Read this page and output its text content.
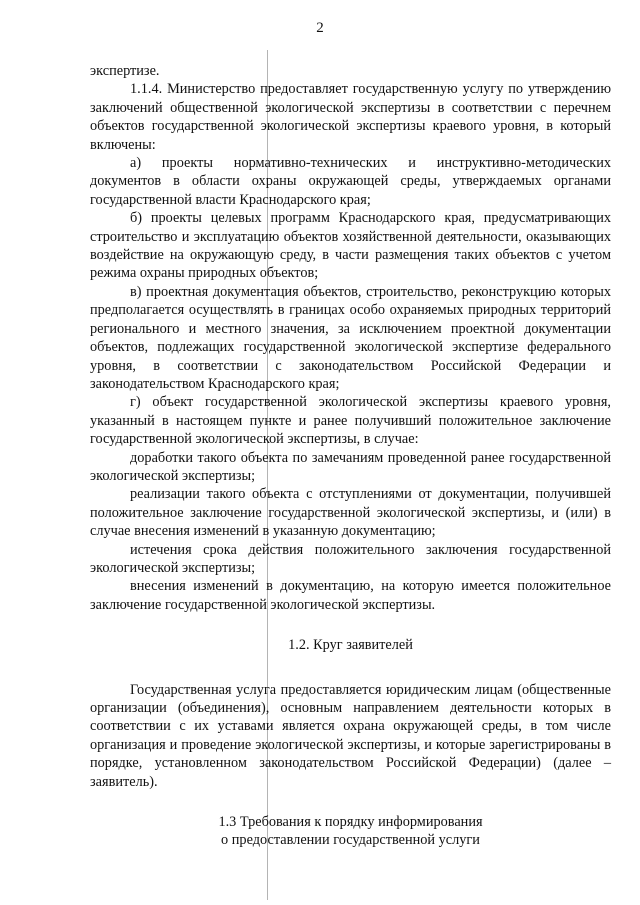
2

экспертизе.

1.1.4. Министерство предоставляет государственную услугу по утверждению заключений общественной экологической экспертизы в соответствии с перечнем объектов государственной экологической экспертизы краевого уровня, в который включены:

а) проекты нормативно-технических и инструктивно-методических документов в области охраны окружающей среды, утверждаемых органами государственной власти Краснодарского края;

б) проекты целевых программ Краснодарского края, предусматривающих строительство и эксплуатацию объектов хозяйственной деятельности, оказывающих воздействие на окружающую среду, в части размещения таких объектов с учетом режима охраны природных объектов;

в) проектная документация объектов, строительство, реконструкцию которых предполагается осуществлять в границах особо охраняемых природных территорий регионального и местного значения, за исключением проектной документации объектов, подлежащих государственной экологической экспертизе федерального уровня, в соответствии с законодательством Российской Федерации и законодательством Краснодарского края;

г) объект государственной экологической экспертизы краевого уровня, указанный в настоящем пункте и ранее получивший положительное заключение государственной экологической экспертизы, в случае:

доработки такого объекта по замечаниям проведенной ранее государственной экологической экспертизы;

реализации такого объекта с отступлениями от документации, получившей положительное заключение государственной экологической экспертизы, и (или) в случае внесения изменений в указанную документацию;

истечения срока действия положительного заключения государственной экологической экспертизы;

внесения изменений в документацию, на которую имеется положительное заключение государственной экологической экспертизы.

1.2. Круг заявителей

Государственная услуга предоставляется юридическим лицам (общественные организации (объединения), основным направлением деятельности которых в соответствии с их уставами является охрана окружающей среды, в том числе организация и проведение экологической экспертизы, и которые зарегистрированы в порядке, установленном законодательством Российской Федерации) (далее – заявитель).

1.3 Требования к порядку информирования

о предоставлении государственной услуги
